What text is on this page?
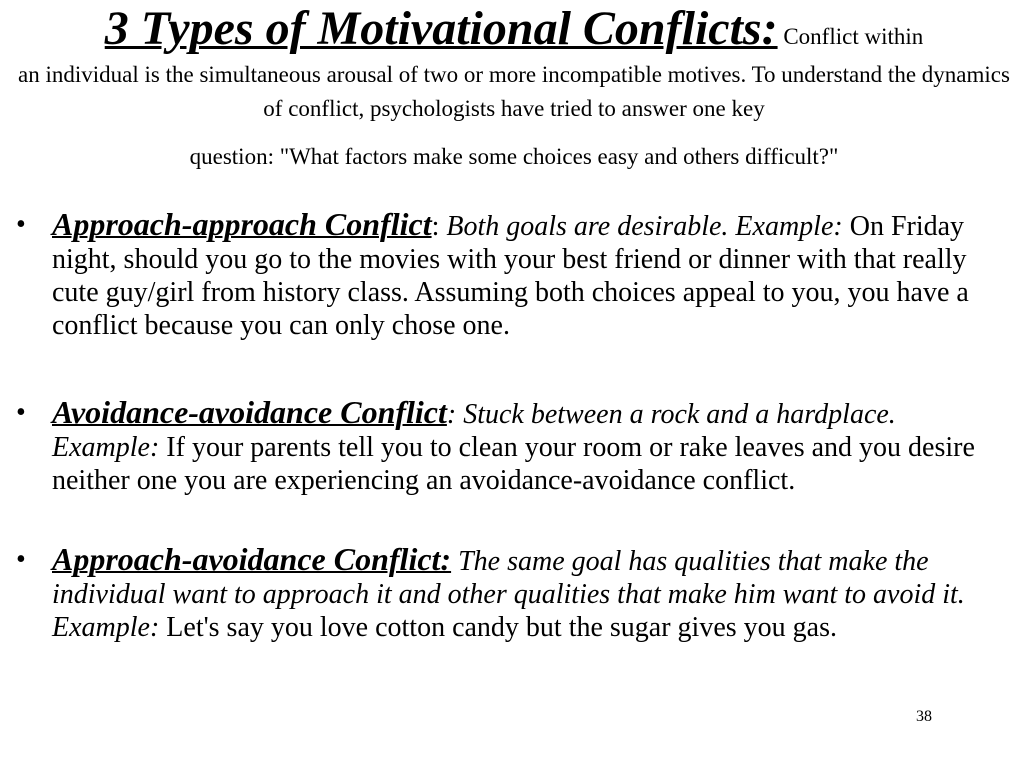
3 Types of Motivational Conflicts: Conflict within
an individual is the simultaneous arousal of two or more incompatible motives. To understand the dynamics of conflict, psychologists have tried to answer one key
question: "What factors make some choices easy and others difficult?"
• Approach-approach Conflict: Both goals are desirable. Example: On Friday night, should you go to the movies with your best friend or dinner with that really cute guy/girl from history class. Assuming both choices appeal to you, you have a conflict because you can only chose one.
• Avoidance-avoidance Conflict: Stuck between a rock and a hardplace. Example: If your parents tell you to clean your room or rake leaves and you desire neither one you are experiencing an avoidance-avoidance conflict.
• Approach-avoidance Conflict: The same goal has qualities that make the individual want to approach it and other qualities that make him want to avoid it. Example: Let's say you love cotton candy but the sugar gives you gas.
38
